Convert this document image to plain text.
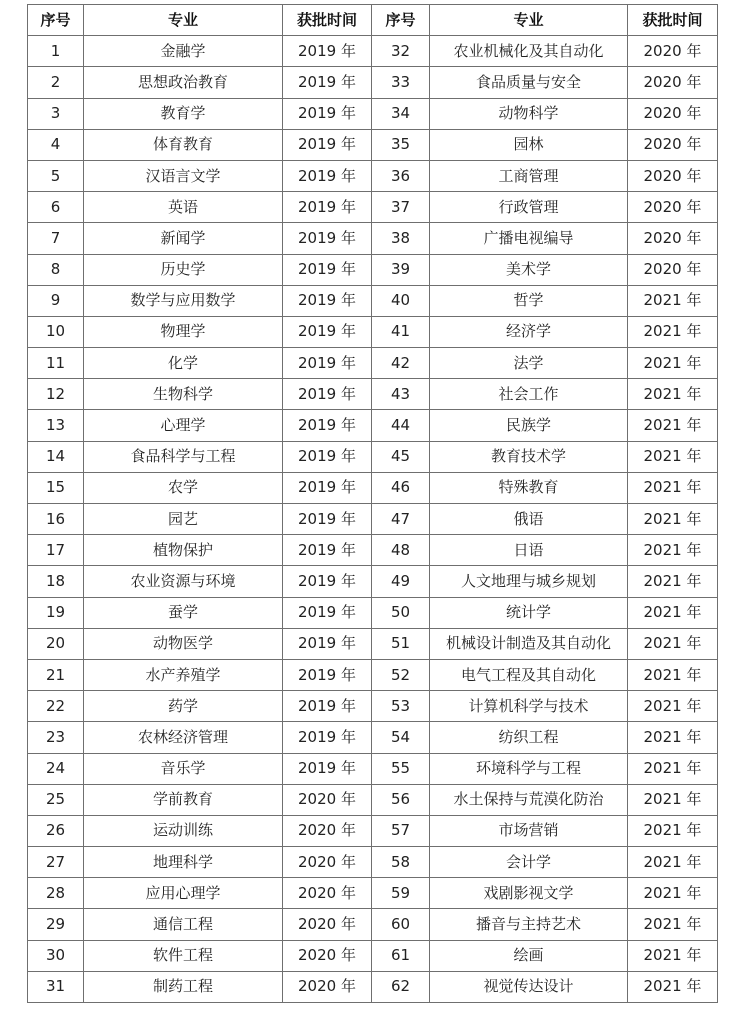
序号	专业	获批时间	序号	专业	获批时间
1	金融学	2019 年	32	农业机械化及其自动化	2020 年
2	思想政治教育	2019 年	33	食品质量与安全	2020 年
3	教育学	2019 年	34	动物科学	2020 年
4	体育教育	2019 年	35	园林	2020 年
5	汉语言文学	2019 年	36	工商管理	2020 年
6	英语	2019 年	37	行政管理	2020 年
7	新闻学	2019 年	38	广播电视编导	2020 年
8	历史学	2019 年	39	美术学	2020 年
9	数学与应用数学	2019 年	40	哲学	2021 年
10	物理学	2019 年	41	经济学	2021 年
11	化学	2019 年	42	法学	2021 年
12	生物科学	2019 年	43	社会工作	2021 年
13	心理学	2019 年	44	民族学	2021 年
14	食品科学与工程	2019 年	45	教育技术学	2021 年
15	农学	2019 年	46	特殊教育	2021 年
16	园艺	2019 年	47	俄语	2021 年
17	植物保护	2019 年	48	日语	2021 年
18	农业资源与环境	2019 年	49	人文地理与城乡规划	2021 年
19	蚕学	2019 年	50	统计学	2021 年
20	动物医学	2019 年	51	机械设计制造及其自动化	2021 年
21	水产养殖学	2019 年	52	电气工程及其自动化	2021 年
22	药学	2019 年	53	计算机科学与技术	2021 年
23	农林经济管理	2019 年	54	纺织工程	2021 年
24	音乐学	2019 年	55	环境科学与工程	2021 年
25	学前教育	2020 年	56	水土保持与荒漠化防治	2021 年
26	运动训练	2020 年	57	市场营销	2021 年
27	地理科学	2020 年	58	会计学	2021 年
28	应用心理学	2020 年	59	戏剧影视文学	2021 年
29	通信工程	2020 年	60	播音与主持艺术	2021 年
30	软件工程	2020 年	61	绘画	2021 年
31	制药工程	2020 年	62	视觉传达设计	2021 年
